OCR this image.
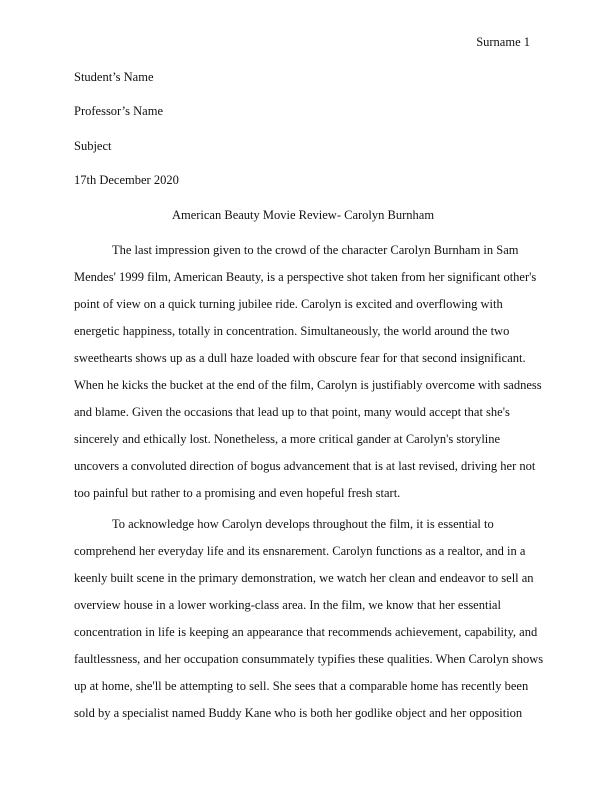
Surname 1
Student’s Name
Professor’s Name
Subject
17th December 2020
American Beauty Movie Review- Carolyn Burnham
The last impression given to the crowd of the character Carolyn Burnham in Sam
Mendes' 1999 film, American Beauty, is a perspective shot taken from her significant other's
point of view on a quick turning jubilee ride. Carolyn is excited and overflowing with
energetic happiness, totally in concentration. Simultaneously, the world around the two
sweethearts shows up as a dull haze loaded with obscure fear for that second insignificant.
When he kicks the bucket at the end of the film, Carolyn is justifiably overcome with sadness
and blame. Given the occasions that lead up to that point, many would accept that she's
sincerely and ethically lost. Nonetheless, a more critical gander at Carolyn's storyline
uncovers a convoluted direction of bogus advancement that is at last revised, driving her not
too painful but rather to a promising and even hopeful fresh start.
To acknowledge how Carolyn develops throughout the film, it is essential to
comprehend her everyday life and its ensnarement. Carolyn functions as a realtor, and in a
keenly built scene in the primary demonstration, we watch her clean and endeavor to sell an
overview house in a lower working-class area. In the film, we know that her essential
concentration in life is keeping an appearance that recommends achievement, capability, and
faultlessness, and her occupation consummately typifies these qualities. When Carolyn shows
up at home, she'll be attempting to sell. She sees that a comparable home has recently been
sold by a specialist named Buddy Kane who is both her godlike object and her opposition
